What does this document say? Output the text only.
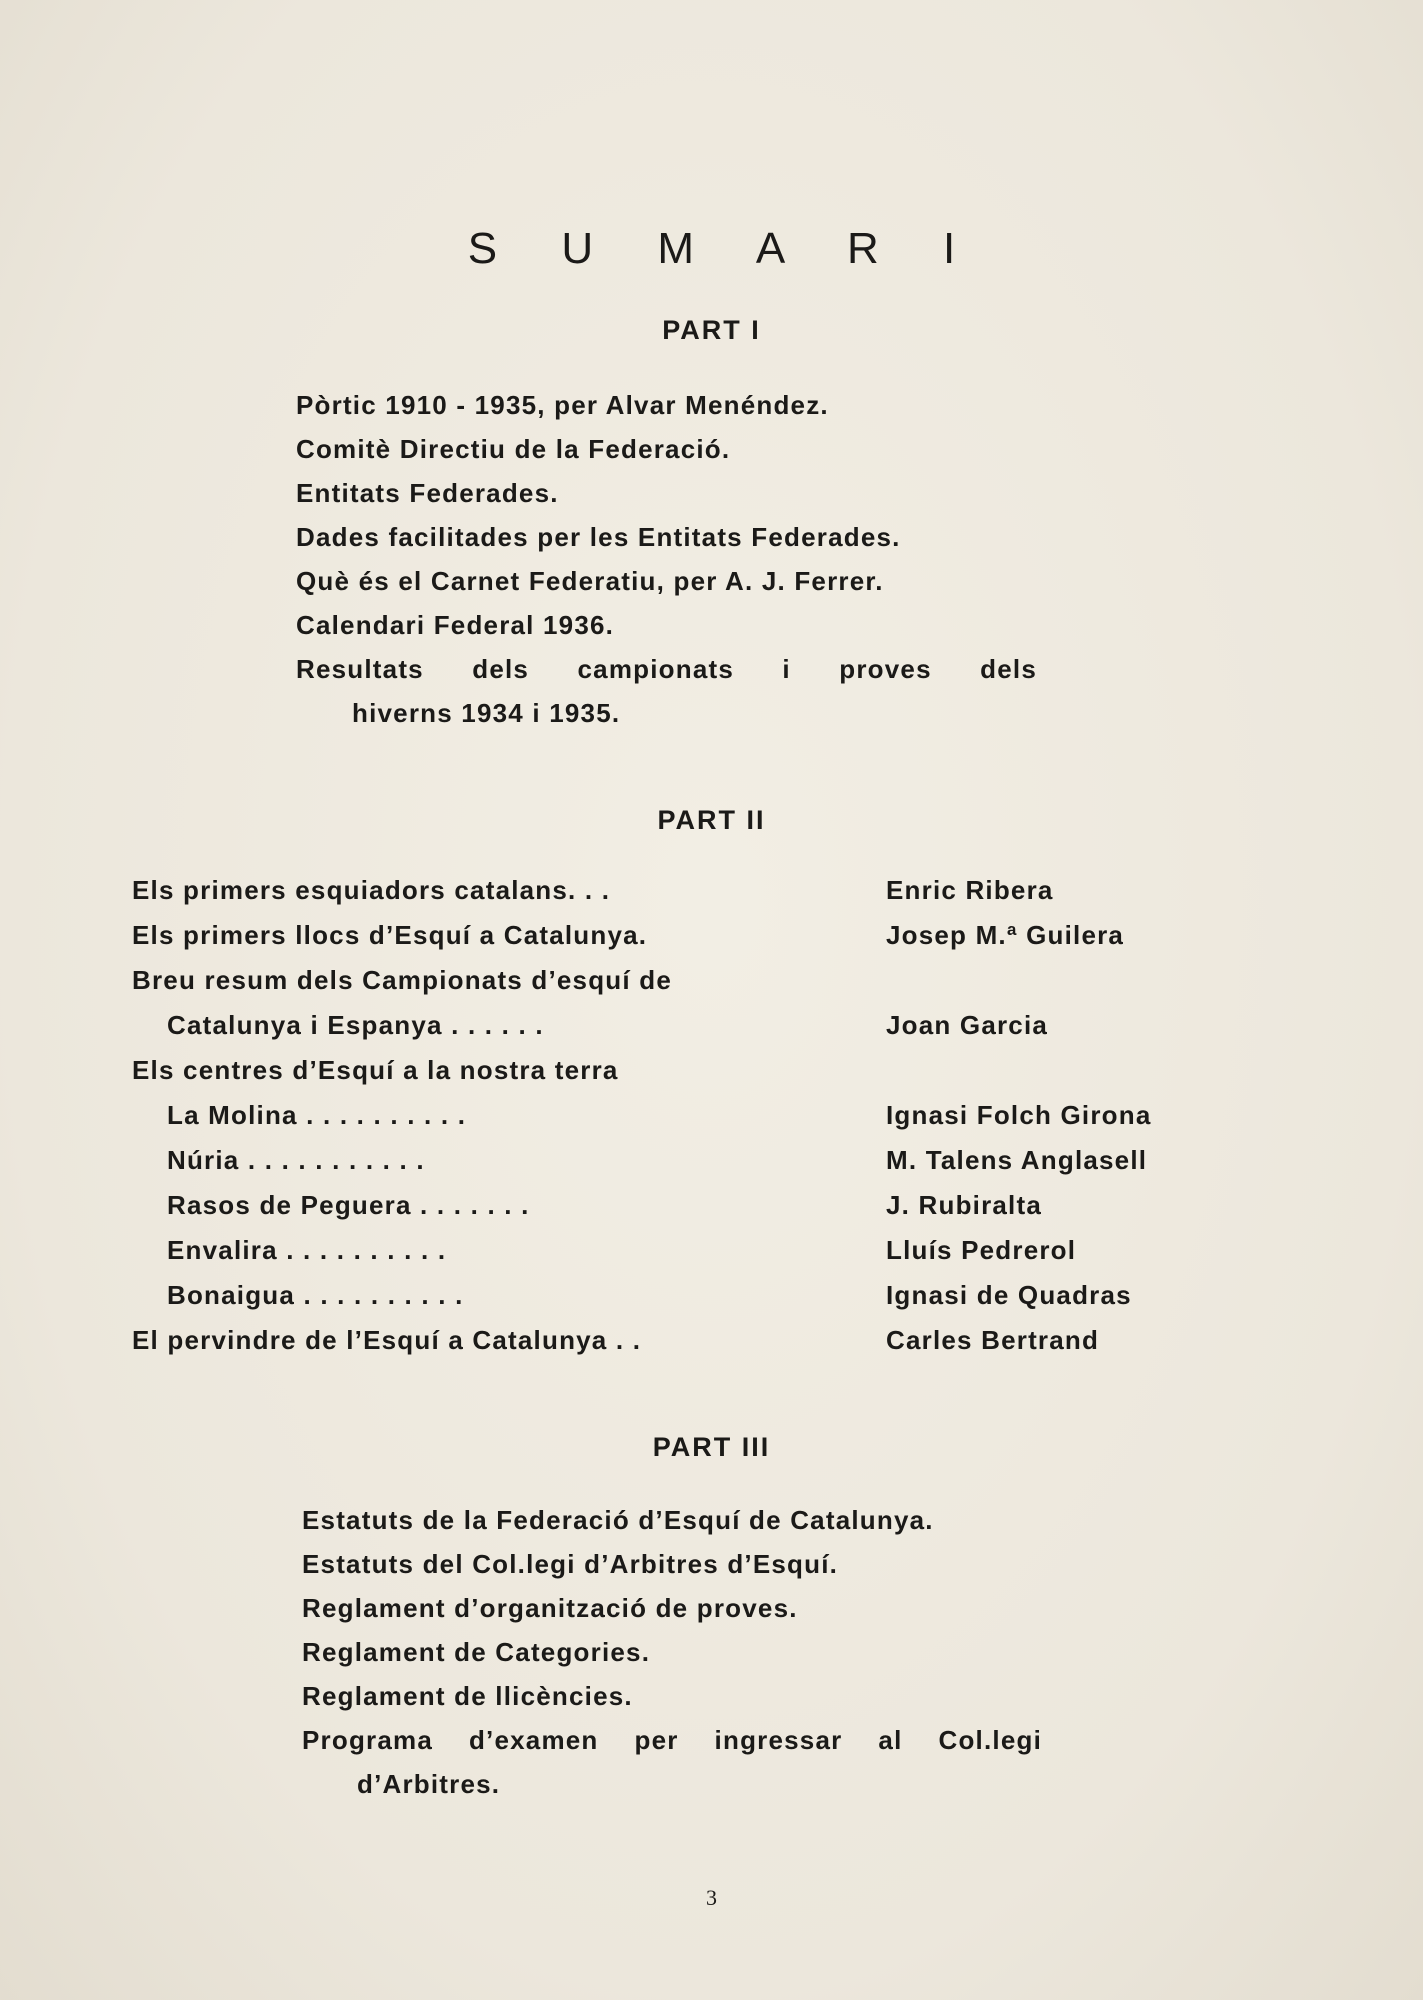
S U M A R I
PART I
Pòrtic 1910 - 1935, per Alvar Menéndez.
Comitè Directiu de la Federació.
Entitats Federades.
Dades facilitades per les Entitats Federades.
Què és el Carnet Federatiu, per A. J. Ferrer.
Calendari Federal 1936.
Resultats dels campionats i proves dels
hiverns 1934 i 1935.
PART II
Els primers esquiadors catalans. . .	Enric Ribera
Els primers llocs d’Esquí a Catalunya.	Josep M.ª Guilera
Breu resum dels Campionats d’esquí de
Catalunya i Espanya . . . . . .	Joan Garcia
Els centres d’Esquí a la nostra terra
La Molina . . . . . . . . . .	Ignasi Folch Girona
Núria . . . . . . . . . . .	M. Talens Anglasell
Rasos de Peguera . . . . . . .	J. Rubiralta
Envalira . . . . . . . . . .	Lluís Pedrerol
Bonaigua . . . . . . . . . .	Ignasi de Quadras
El pervindre de l’Esquí a Catalunya . .	Carles Bertrand
PART III
Estatuts de la Federació d’Esquí de Catalunya.
Estatuts del Col.legi d’Arbitres d’Esquí.
Reglament d’organització de proves.
Reglament de Categories.
Reglament de llicències.
Programa d’examen per ingressar al Col.legi
d’Arbitres.
3
